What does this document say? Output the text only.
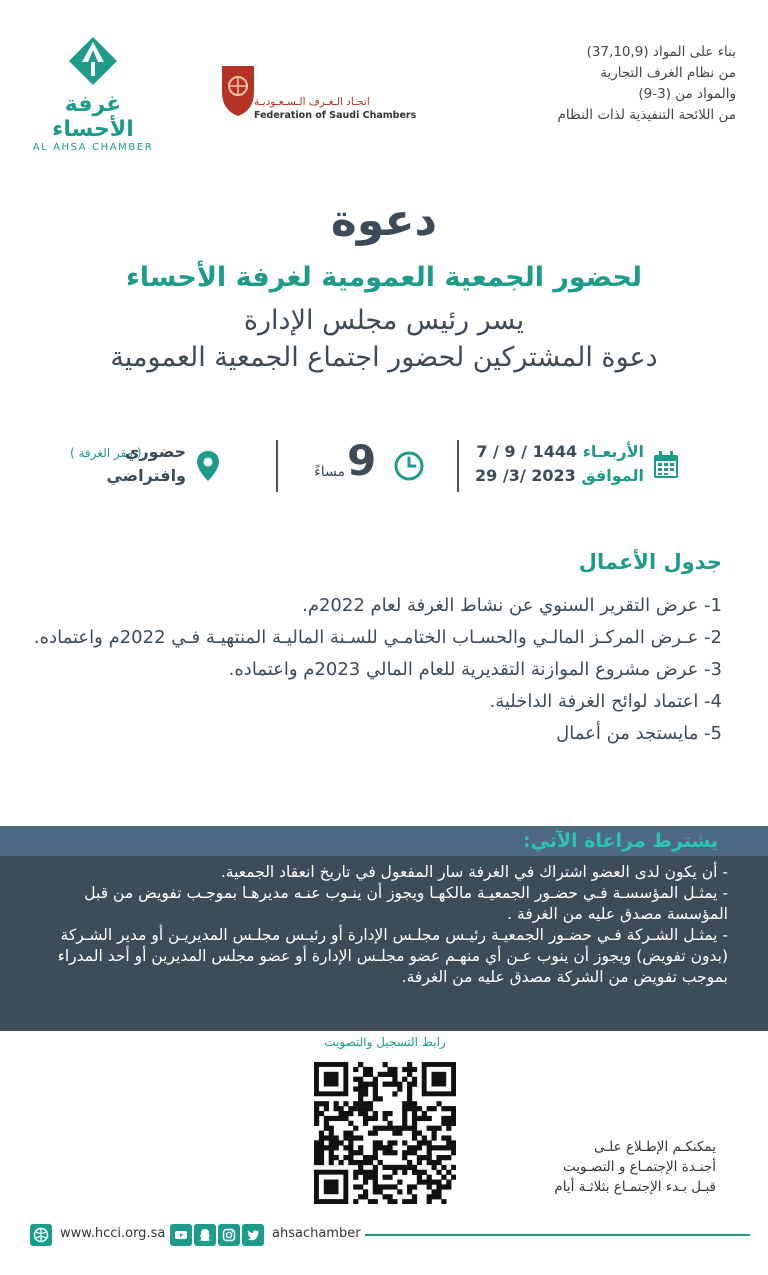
بناء على المواد (37,10,9)
من نظام الغرف التجارية
والمواد من (3-9)
من اللائحة التنفيذية لذات النظام
غرفة الأحساء
AL AHSA CHAMBER
اتحـاد الـغـرف الـسـعـوديـة
Federation of Saudi Chambers
دعوة
لحضور الجمعية العمومية لغرفة الأحساء
يسر رئيس مجلس الإدارة
دعوة المشتركين لحضور اجتماع الجمعية العمومية
الأربعـاء 7 / 9 / 1444
الموافق 29 /3/ 2023
مساءً 9
( مقر الغرفة )
حضوري
وافتراضي
جدول الأعمال
1- عرض التقرير السنوي عن نشاط الغرفة لعام 2022م.
2- عـرض المركـز المالـي والحسـاب الختامـي للسـنة الماليـة المنتهيـة فـي 2022م واعتماده.
3- عرض مشروع الموازنة التقديرية للعام المالي 2023م واعتماده.
4- اعتماد لوائح الغرفة الداخلية.
5- مايستجد من أعمال
يشترط مراعاة الآتي:

- أن يكون لدى العضو اشتراك في الغرفة سار المفعول في تاريخ انعقاد الجمعية.

- يمثـل المؤسسـة فـي حضـور الجمعيـة مالكهـا ويجوز أن ينـوب عنـه مديرهـا بموجـب تفويض من قبل المؤسسة مصدق عليه من الغرفة .

- يمثـل الشـركة فـي حضـور الجمعيـة رئيـس مجلـس الإدارة أو رئيـس مجلـس المديريـن أو مدير الشـركة (بدون تفويض) ويجوز أن ينوب عـن أي منهـم عضو مجلـس الإدارة أو عضو مجلس المديرين أو أحد المدراء بموجب تفويض من الشركة مصدق عليه من الغرفة.

رابط التسجيل والتصويت
يمكنكـم الإطـلاع علـى
أجنـدة الإجتمـاع و التصـويت
قبـل بـدء الإجتمـاع بثلاثـة أيام
www.hcci.org.sa	ahsachamber
